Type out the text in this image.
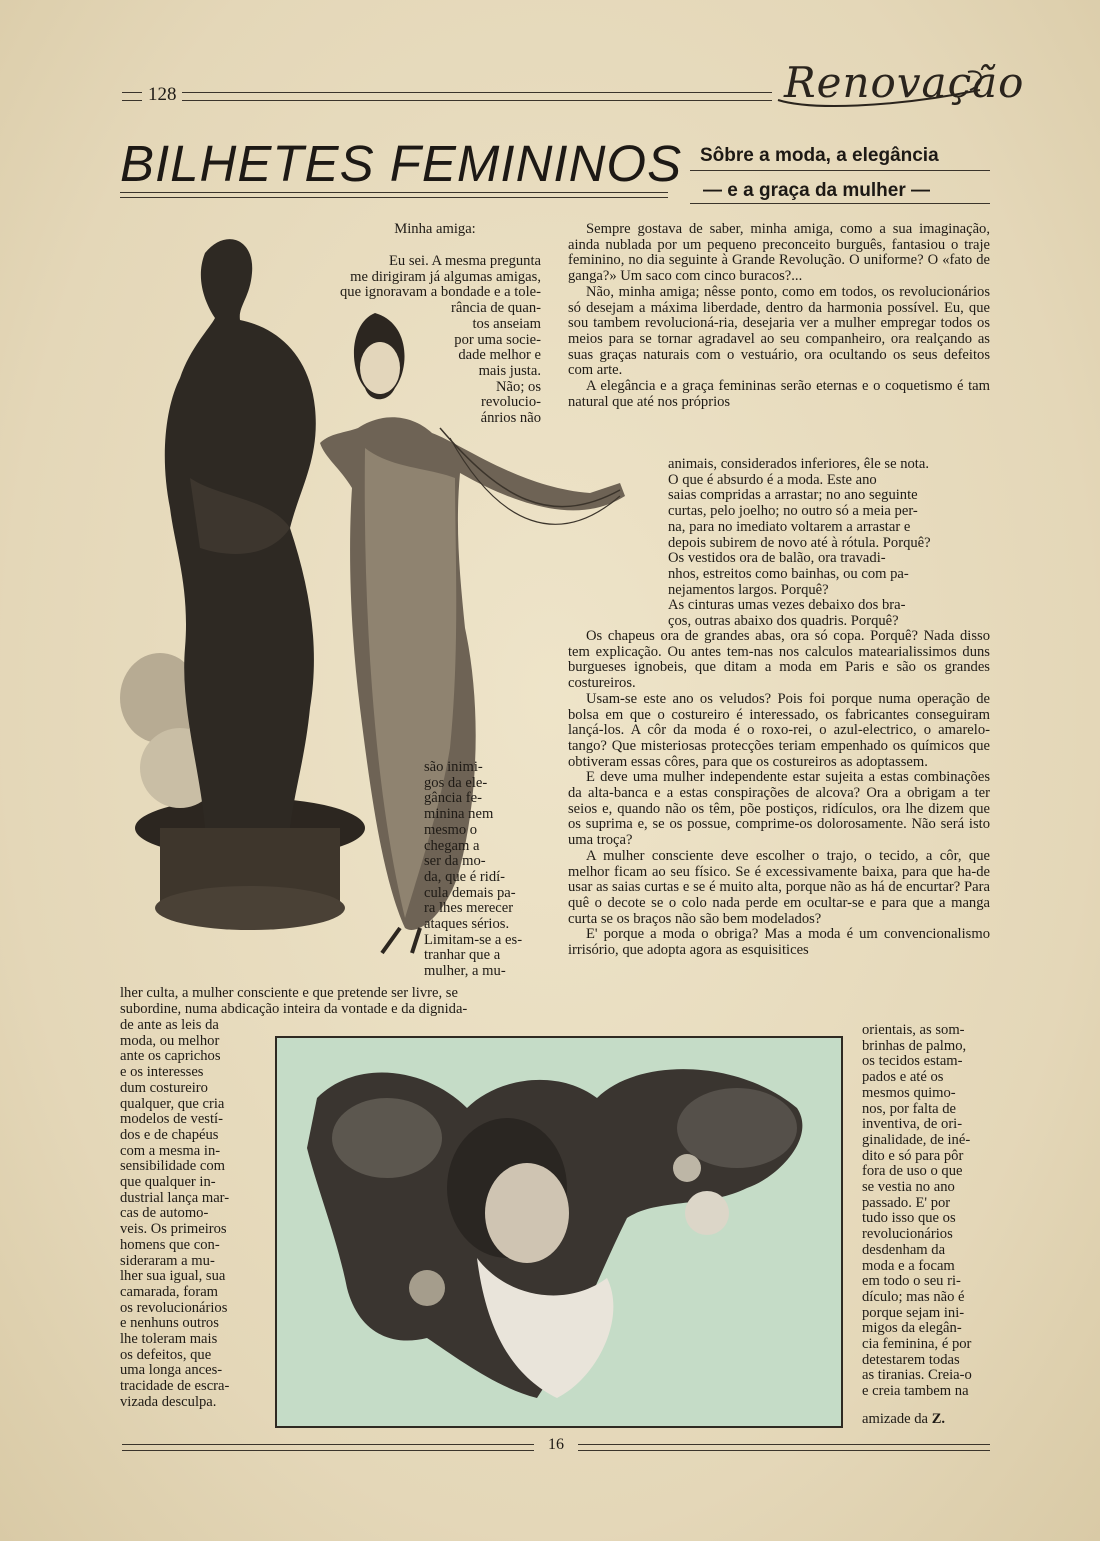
128	Renovação
BILHETES FEMININOS Sôbre a moda, a elegância
— e a graça da mulher —
Minha amiga:
Eu sei. A mesma pregunta
me dirigiram já algumas amigas,
que ignoravam a bondade e a tole-
rância de quan-
tos anseiam
por uma socie-
dade melhor e
mais justa.
Não; os
revolucio-
ánrios não
são inimi-
gos da ele-
gância fe-
minina nem
mesmo o
chegam a
ser da mo-
da, que é ridí-
cula demais pa-
ra lhes merecer
ataques sérios.
Limitam-se a es-
tranhar que a
mulher, a mu-
lher culta, a mulher consciente e que pretende ser livre, se
subordine, numa abdicação inteira da vontade e da dignida-
de ante as leis da
moda, ou melhor
ante os caprichos
e os interesses
dum costureiro
qualquer, que cria
modelos de vestí-
dos e de chapéus
com a mesma in-
sensibilidade com
que qualquer in-
dustrial lança mar-
cas de automo-
veis. Os primeiros
homens que con-
sideraram a mu-
lher sua igual, sua
camarada, foram
os revolucionários
e nenhuns outros
lhe toleram mais
os defeitos, que
uma longa ances-
tracidade de escra-
vizada desculpa.

Sempre gostava de saber, minha amiga, como a sua imaginação, ainda nublada por um pequeno preconceito burguês, fantasiou o traje feminino, no dia seguinte à Grande Revolução. O uniforme? O «fato de ganga?» Um saco com cinco buracos?...

Não, minha amiga; nêsse ponto, como em todos, os revolucionários só desejam a máxima liberdade, dentro da harmonia possível. Eu, que sou tambem revolucioná-ria, desejaria ver a mulher empregar todos os meios para se tornar agradavel ao seu companheiro, ora realçando as suas graças naturais com o vestuário, ora ocultando os seus defeitos com arte.

A elegância e a graça femininas serão eternas e o coquetismo é tam natural que até nos próprios

animais, considerados inferiores, êle se nota.
O que é absurdo é a moda. Este ano
saias compridas a arrastar; no ano seguinte
curtas, pelo joelho; no outro só a meia per-
na, para no imediato voltarem a arrastar e
depois subirem de novo até à rótula. Porquê?
Os vestidos ora de balão, ora travadi-
nhos, estreitos como bainhas, ou com pa-
nejamentos largos. Porquê?
As cinturas umas vezes debaixo dos bra-
ços, outras abaixo dos quadris. Porquê?

Os chapeus ora de grandes abas, ora só copa. Porquê? Nada disso tem explicação. Ou antes tem-nas nos calculos matearialissimos duns burgueses ignobeis, que ditam a moda em Paris e são os grandes costureiros.

Usam-se este ano os veludos? Pois foi porque numa operação de bolsa em que o costureiro é interessado, os fabricantes conseguiram lançá-los. A côr da moda é o roxo-rei, o azul-electrico, o amarelo-tango? Que misteriosas protecções teriam empenhado os químicos que obtiveram essas côres, para que os costureiros as adoptassem.

E deve uma mulher independente estar sujeita a estas combinações da alta-banca e a estas conspirações de alcova? Ora a obrigam a ter seios e, quando não os têm, põe postiços, ridículos, ora lhe dizem que os suprima e, se os possue, comprime-os dolorosamente. Não será isto uma troça?

A mulher consciente deve escolher o trajo, o tecido, a côr, que melhor ficam ao seu físico. Se é excessivamente baixa, para que ha-de usar as saias curtas e se é muito alta, porque não as há de encurtar? Para quê o decote se o colo nada perde em ocultar-se e para que a manga curta se os braços não são bem modelados?

E' porque a moda o obriga? Mas a moda é um convencionalismo irrisório, que adopta agora as esquisitices

orientais, as som-
brinhas de palmo,
os tecidos estam-
pados e até os
mesmos quimo-
nos, por falta de
inventiva, de ori-
ginalidade, de iné-
dito e só para pôr
fora de uso o que
se vestia no ano
passado. E' por
tudo isso que os
revolucionários
desdenham da
moda e a focam
em todo o seu ri-
dículo; mas não é
porque sejam ini-
migos da elegân-
cia feminina, é por
detestarem todas
as tiranias. Creia-o
e creia tambem na
amizade da Z.
16
